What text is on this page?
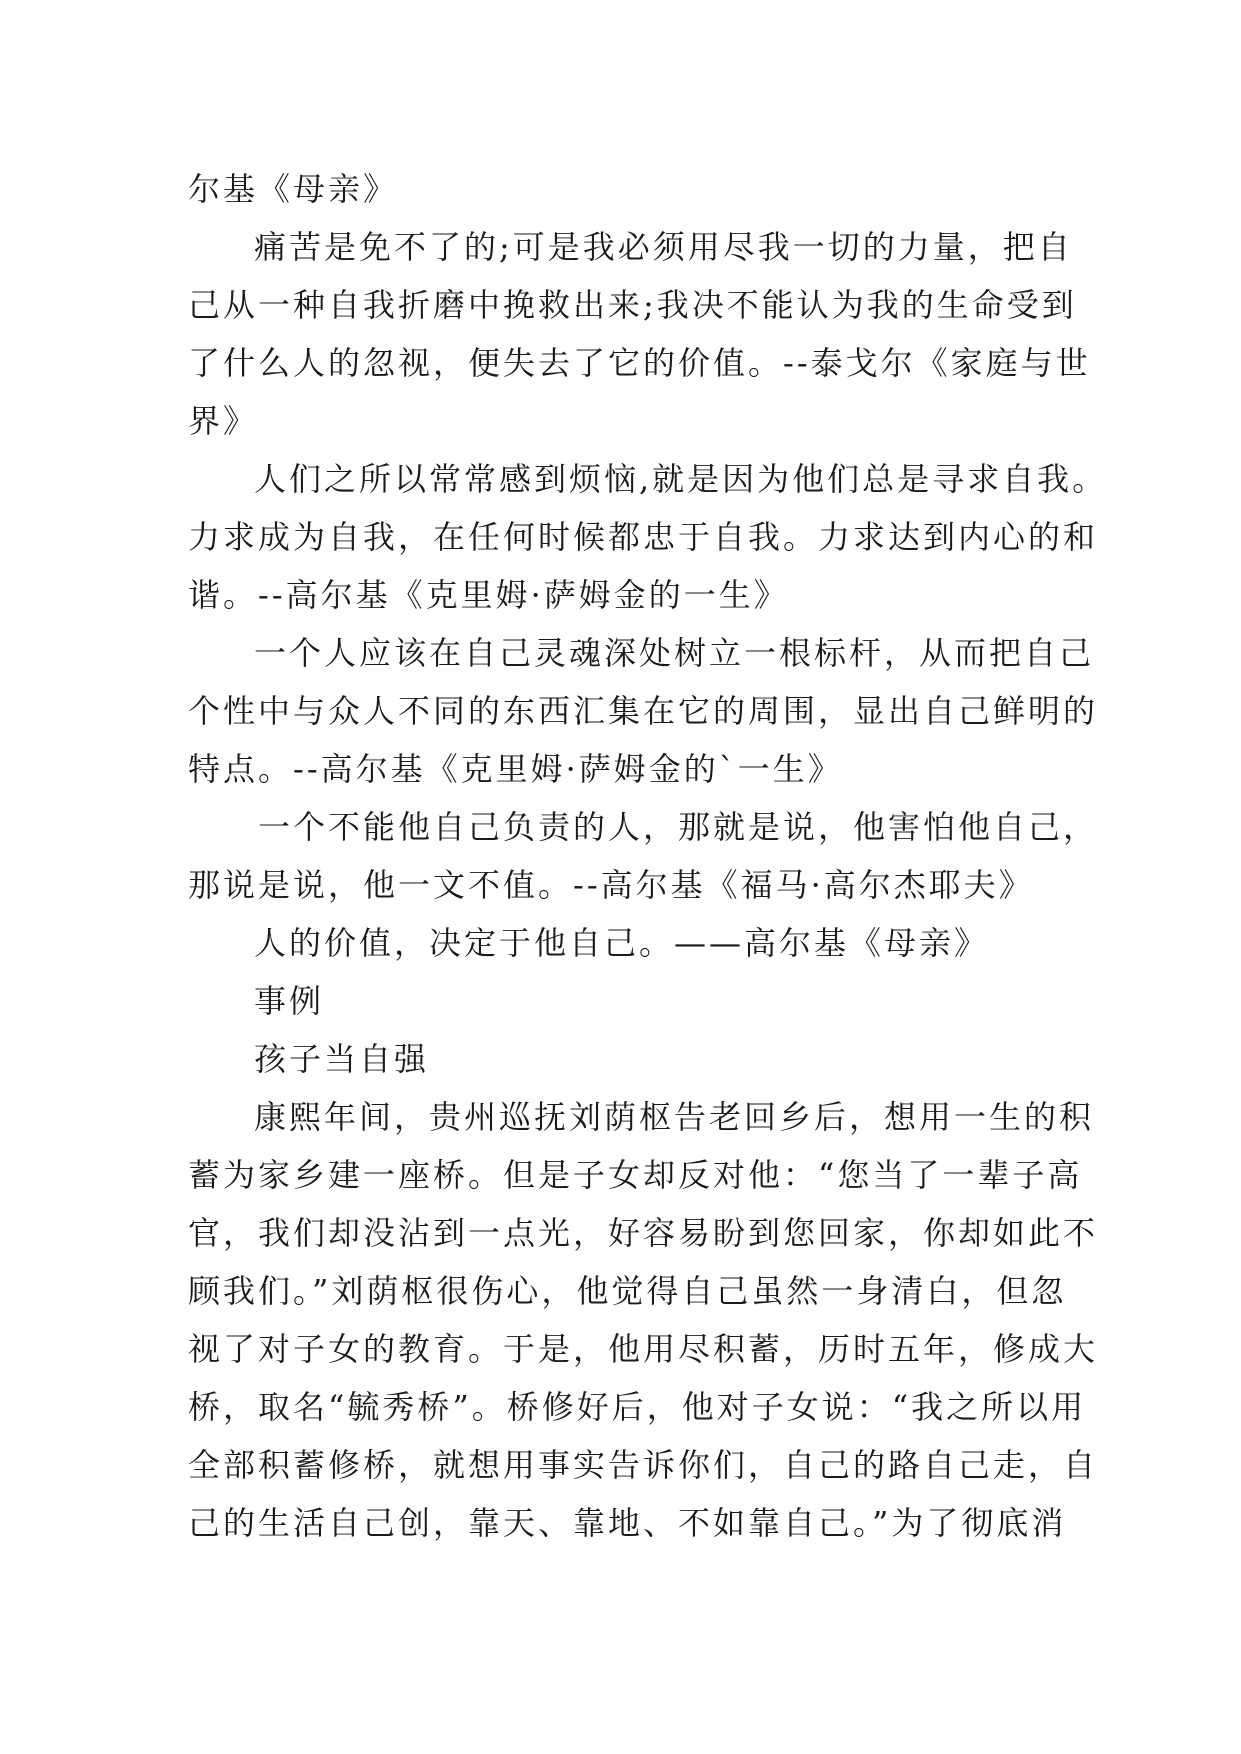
尔基《母亲》
痛苦是免不了的;可是我必须用尽我一切的力量，把自
己从一种自我折磨中挽救出来;我决不能认为我的生命受到
了什么人的忽视，便失去了它的价值。--泰戈尔《家庭与世
界》
人们之所以常常感到烦恼,就是因为他们总是寻求自我。
力求成为自我，在任何时候都忠于自我。力求达到内心的和
谐。--高尔基《克里姆·萨姆金的一生》
一个人应该在自己灵魂深处树立一根标杆，从而把自己
个性中与众人不同的东西汇集在它的周围，显出自己鲜明的
特点。--高尔基《克里姆·萨姆金的`一生》
一个不能他自己负责的人，那就是说，他害怕他自己，
那说是说，他一文不值。--高尔基《福马·高尔杰耶夫》
人的价值，决定于他自己。——高尔基《母亲》
事例
孩子当自强
康熙年间，贵州巡抚刘荫枢告老回乡后，想用一生的积
蓄为家乡建一座桥。但是子女却反对他：“您当了一辈子高
官，我们却没沾到一点光，好容易盼到您回家，你却如此不
顾我们。”刘荫枢很伤心，他觉得自己虽然一身清白，但忽
视了对子女的教育。于是，他用尽积蓄，历时五年，修成大
桥，取名“毓秀桥”。桥修好后，他对子女说：“我之所以用
全部积蓄修桥，就想用事实告诉你们，自己的路自己走，自
己的生活自己创，靠天、靠地、不如靠自己。”为了彻底消
